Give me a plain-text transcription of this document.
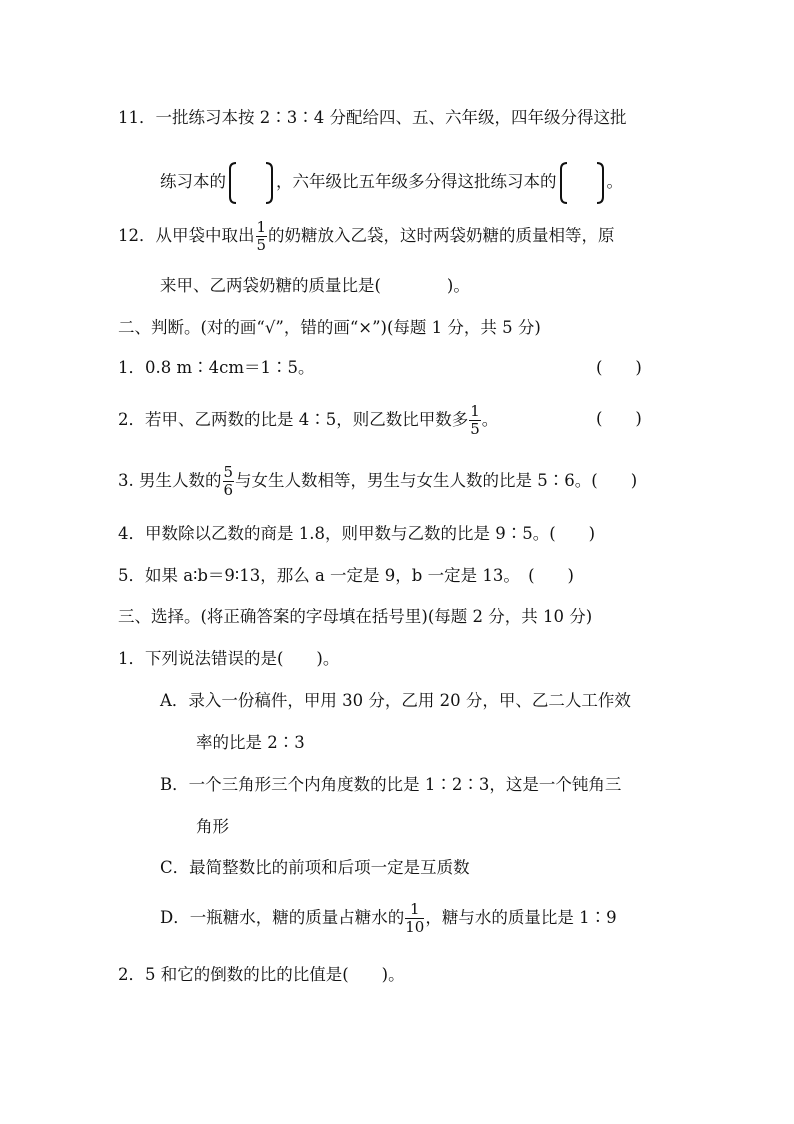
11．一批练习本按 2∶3∶4 分配给四、五、六年级，四年级分得这批
练习本的	，六年级比五年级多分得这批练习本的	。
12．从甲袋中取出 $\frac{1}{5}$ 的奶糖放入乙袋，这时两袋奶糖的质量相等，原
来甲、乙两袋奶糖的质量比是(　　　　)。
二、判断。(对的画“√”，错的画“×”)(每题 1 分，共 5 分)
1．0.8 m∶4cm＝1∶5。	(　　)
2．若甲、乙两数的比是 4∶5，则乙数比甲数多 $\frac{1}{5}$ 。	(　　)
3. 男生人数的 $\frac{5}{6}$ 与女生人数相等，男生与女生人数的比是 5∶6。(　　)
4．甲数除以乙数的商是 1.8，则甲数与乙数的比是 9∶5。(　　)
5．如果 a∶b＝9∶13，那么 a 一定是 9，b 一定是 13。　(　　)
三、选择。(将正确答案的字母填在括号里)(每题 2 分，共 10 分)
1．下列说法错误的是(　　)。
A．录入一份稿件，甲用 30 分，乙用 20 分，甲、乙二人工作效
率的比是 2∶3
B．一个三角形三个内角度数的比是 1∶2∶3，这是一个钝角三
角形
C．最简整数比的前项和后项一定是互质数
D．一瓶糖水，糖的质量占糖水的 $\frac{1}{10}$ ，糖与水的质量比是 1∶9
2．5 和它的倒数的比的比值是(　　)。
